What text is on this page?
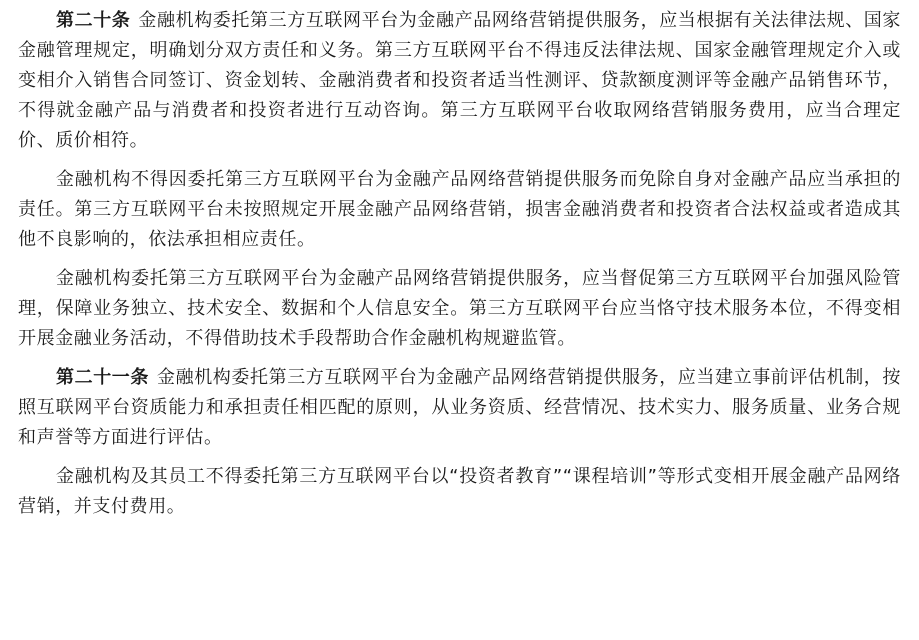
第二十条 金融机构委托第三方互联网平台为金融产品网络营销提供服务，应当根据有关法律法规、国家金融管理规定，明确划分双方责任和义务。第三方互联网平台不得违反法律法规、国家金融管理规定介入或变相介入销售合同签订、资金划转、金融消费者和投资者适当性测评、贷款额度测评等金融产品销售环节，不得就金融产品与消费者和投资者进行互动咨询。第三方互联网平台收取网络营销服务费用，应当合理定价、质价相符。

金融机构不得因委托第三方互联网平台为金融产品网络营销提供服务而免除自身对金融产品应当承担的责任。第三方互联网平台未按照规定开展金融产品网络营销，损害金融消费者和投资者合法权益或者造成其他不良影响的，依法承担相应责任。

金融机构委托第三方互联网平台为金融产品网络营销提供服务，应当督促第三方互联网平台加强风险管理，保障业务独立、技术安全、数据和个人信息安全。第三方互联网平台应当恪守技术服务本位，不得变相开展金融业务活动，不得借助技术手段帮助合作金融机构规避监管。

第二十一条 金融机构委托第三方互联网平台为金融产品网络营销提供服务，应当建立事前评估机制，按照互联网平台资质能力和承担责任相匹配的原则，从业务资质、经营情况、技术实力、服务质量、业务合规和声誉等方面进行评估。

金融机构及其员工不得委托第三方互联网平台以“投资者教育”“课程培训”等形式变相开展金融产品网络营销，并支付费用。
